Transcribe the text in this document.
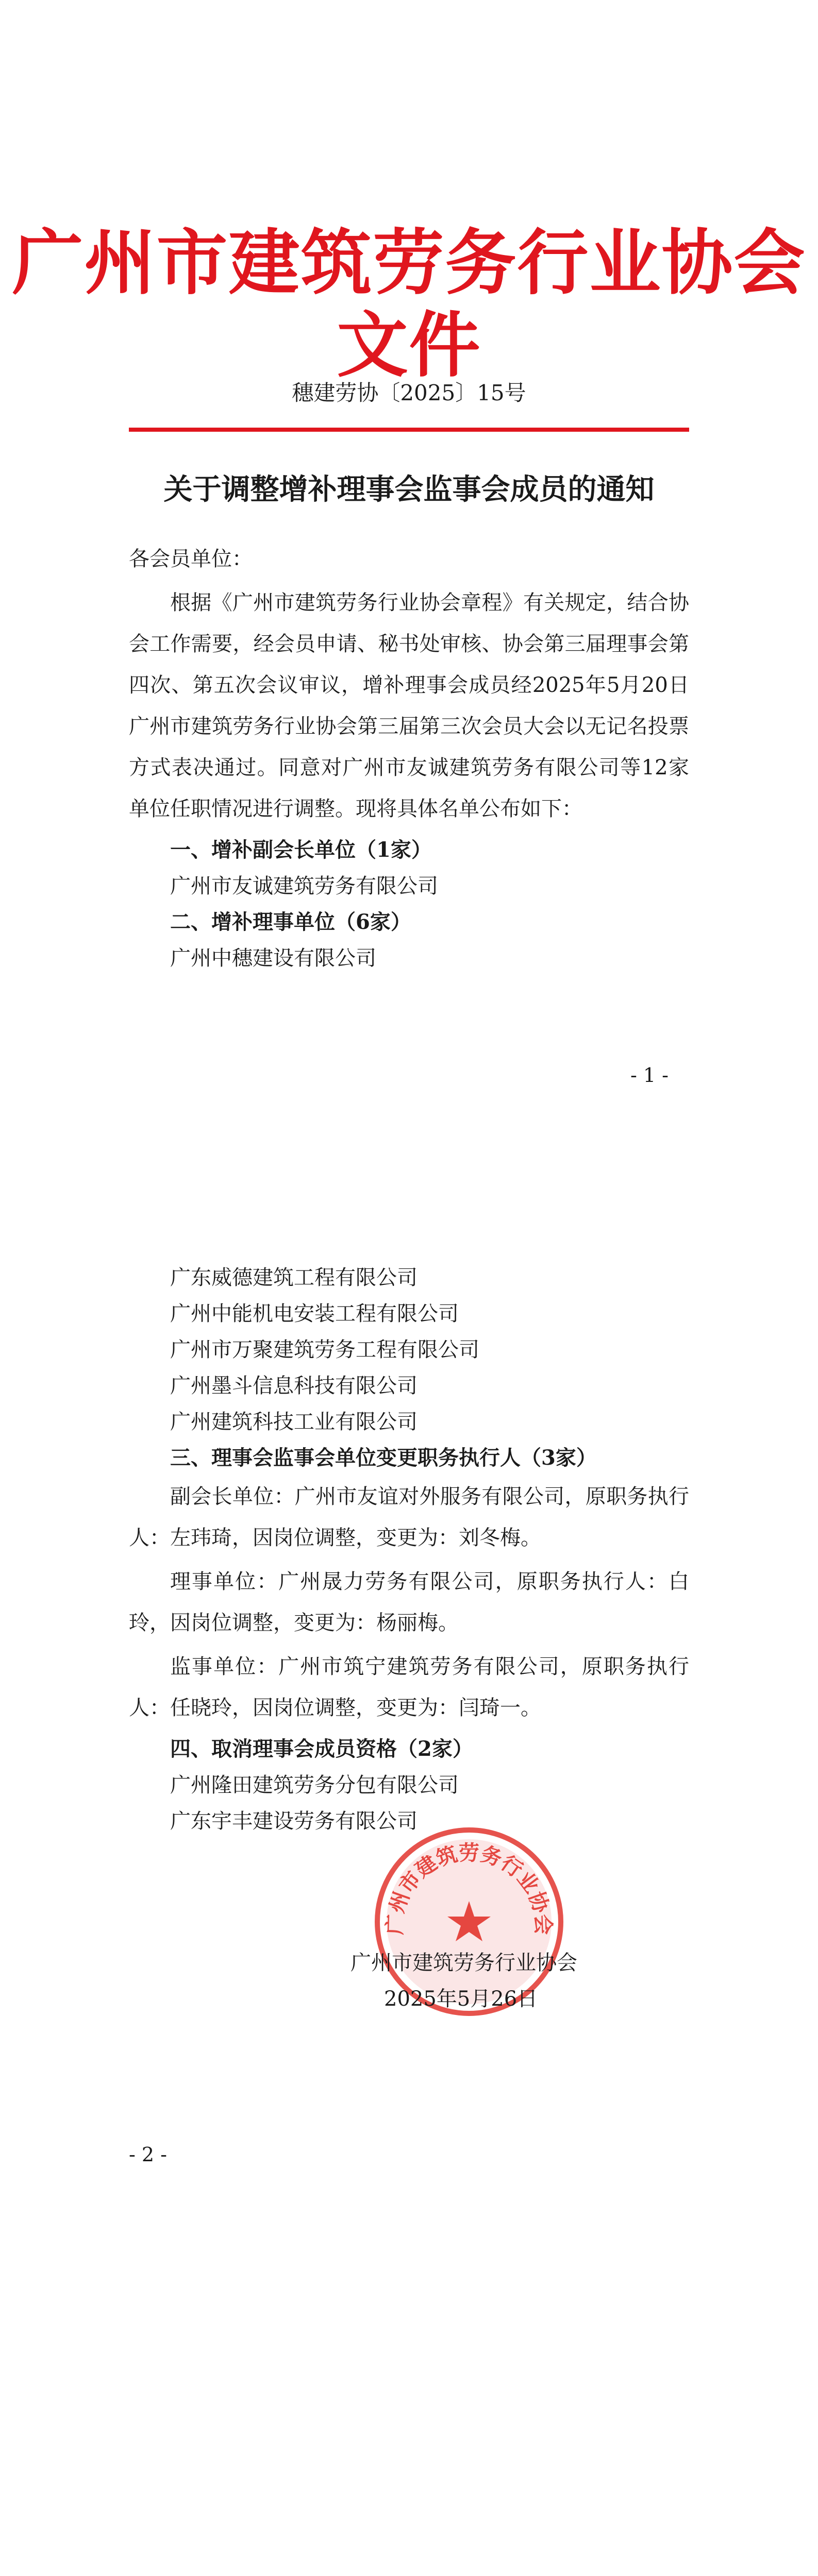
广州市建筑劳务行业协会文件
穗建劳协〔2025〕15号
关于调整增补理事会监事会成员的通知
各会员单位：
根据《广州市建筑劳务行业协会章程》有关规定，结合协会工作需要，经会员申请、秘书处审核、协会第三届理事会第四次、第五次会议审议，增补理事会成员经2025年5月20日广州市建筑劳务行业协会第三届第三次会员大会以无记名投票方式表决通过。同意对广州市友诚建筑劳务有限公司等12家单位任职情况进行调整。现将具体名单公布如下：
一、增补副会长单位（1家）
广州市友诚建筑劳务有限公司
二、增补理事单位（6家）
广州中穗建设有限公司
- 1 -
广东威德建筑工程有限公司
广州中能机电安装工程有限公司
广州市万聚建筑劳务工程有限公司
广州墨斗信息科技有限公司
广州建筑科技工业有限公司
三、理事会监事会单位变更职务执行人（3家）
副会长单位：广州市友谊对外服务有限公司，原职务执行人：左玮琦，因岗位调整，变更为：刘冬梅。
理事单位：广州晟力劳务有限公司，原职务执行人：白玲，因岗位调整，变更为：杨丽梅。
监事单位：广州市筑宁建筑劳务有限公司，原职务执行人：任晓玲，因岗位调整，变更为：闫琦一。
四、取消理事会成员资格（2家）
广州隆田建筑劳务分包有限公司
广东宇丰建设劳务有限公司
广州市建筑劳务行业协会
广州市建筑劳务行业协会
2025年5月26日
- 2 -
